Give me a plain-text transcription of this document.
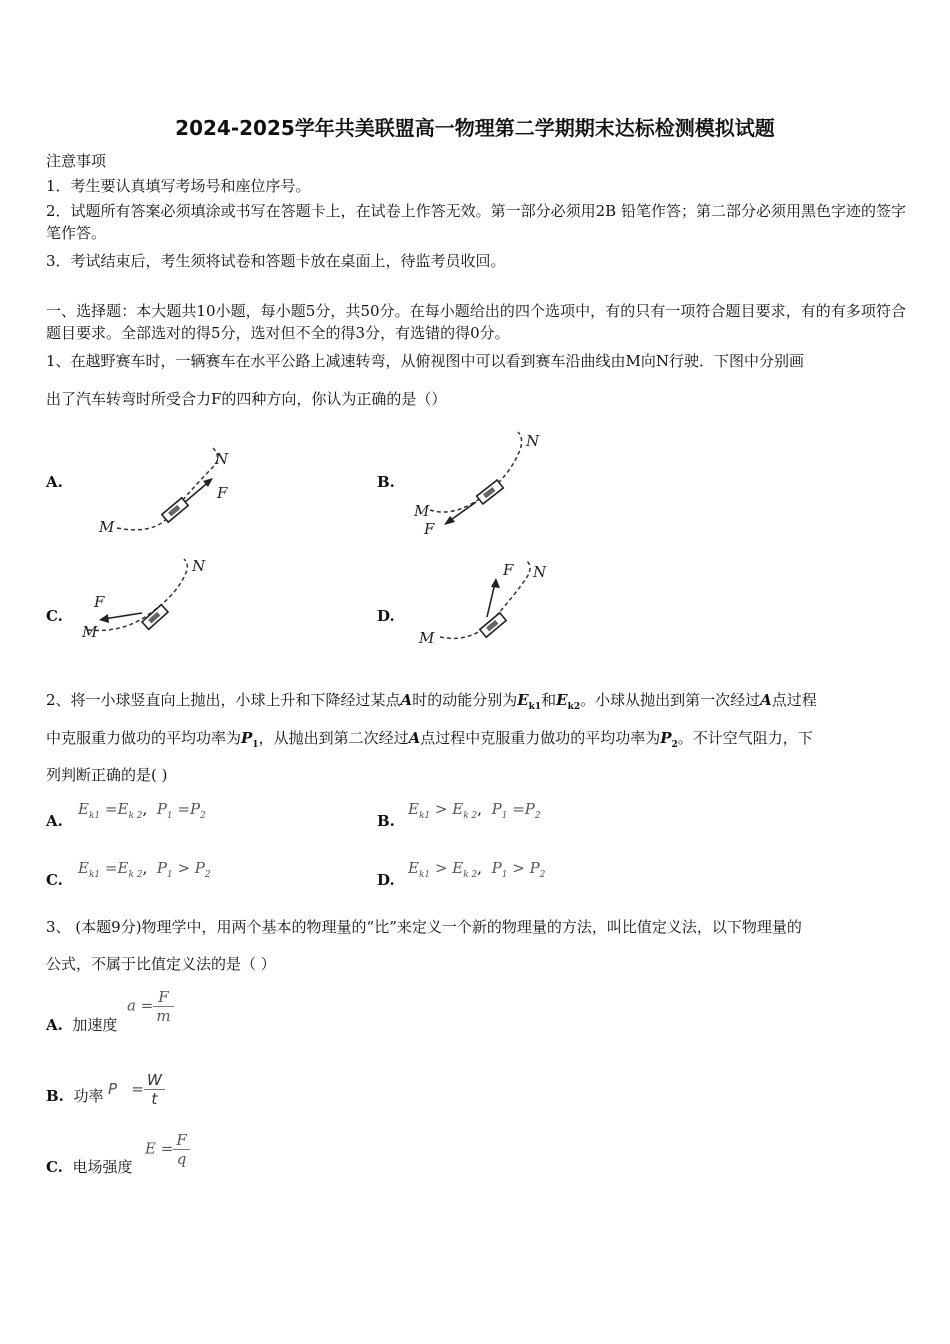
2024-2025学年共美联盟高一物理第二学期期末达标检测模拟试题
注意事项
1．考生要认真填写考场号和座位序号。
2．试题所有答案必须填涂或书写在答题卡上，在试卷上作答无效。第一部分必须用2B 铅笔作答；第二部分必须用黑色字迹的签字笔作答。
3．考试结束后，考生须将试卷和答题卡放在桌面上，待监考员收回。
一、选择题：本大题共10小题，每小题5分，共50分。在每小题给出的四个选项中，有的只有一项符合题目要求，有的有多项符合题目要求。全部选对的得5分，选对但不全的得3分，有选错的得0分。
1、在越野赛车时，一辆赛车在水平公路上减速转弯，从俯视图中可以看到赛车沿曲线由M向N行驶．下图中分别画
出了汽车转弯时所受合力F的四种方向，你认为正确的是（）
A.	B.
C.	D.
M
N
F
M
N
F
M
N
F
M
N
F
2、将一小球竖直向上抛出，小球上升和下降经过某点A时的动能分别为$E_{k1}$和$E_{k2}$。小球从抛出到第一次经过A点过程
中克服重力做功的平均功率为$P_1$，从抛出到第二次经过A点过程中克服重力做功的平均功率为$P_2$。不计空气阻力，下
列判断正确的是( )
A.
$E_{k1} =E_{k 2}$, $P_1 =P_2$	B.
$E_{k1} > E_{k 2}$, $P_1 =P_2$
C.
$E_{k1} =E_{k 2}$, $P_1 > P_2$	D.
$E_{k1} > E_{k 2}$, $P_1 > P_2$
3、 (本题9分)物理学中，用两个基本的物理量的“比”来定义一个新的物理量的方法，叫比值定义法，以下物理量的
公式，不属于比值定义法的是（ ）
A. 加速度
$a = \frac{F}{m}$
B. 功率 $P = \frac{W}{t}$
C. 电场强度
$E = \frac{F}{q}$
